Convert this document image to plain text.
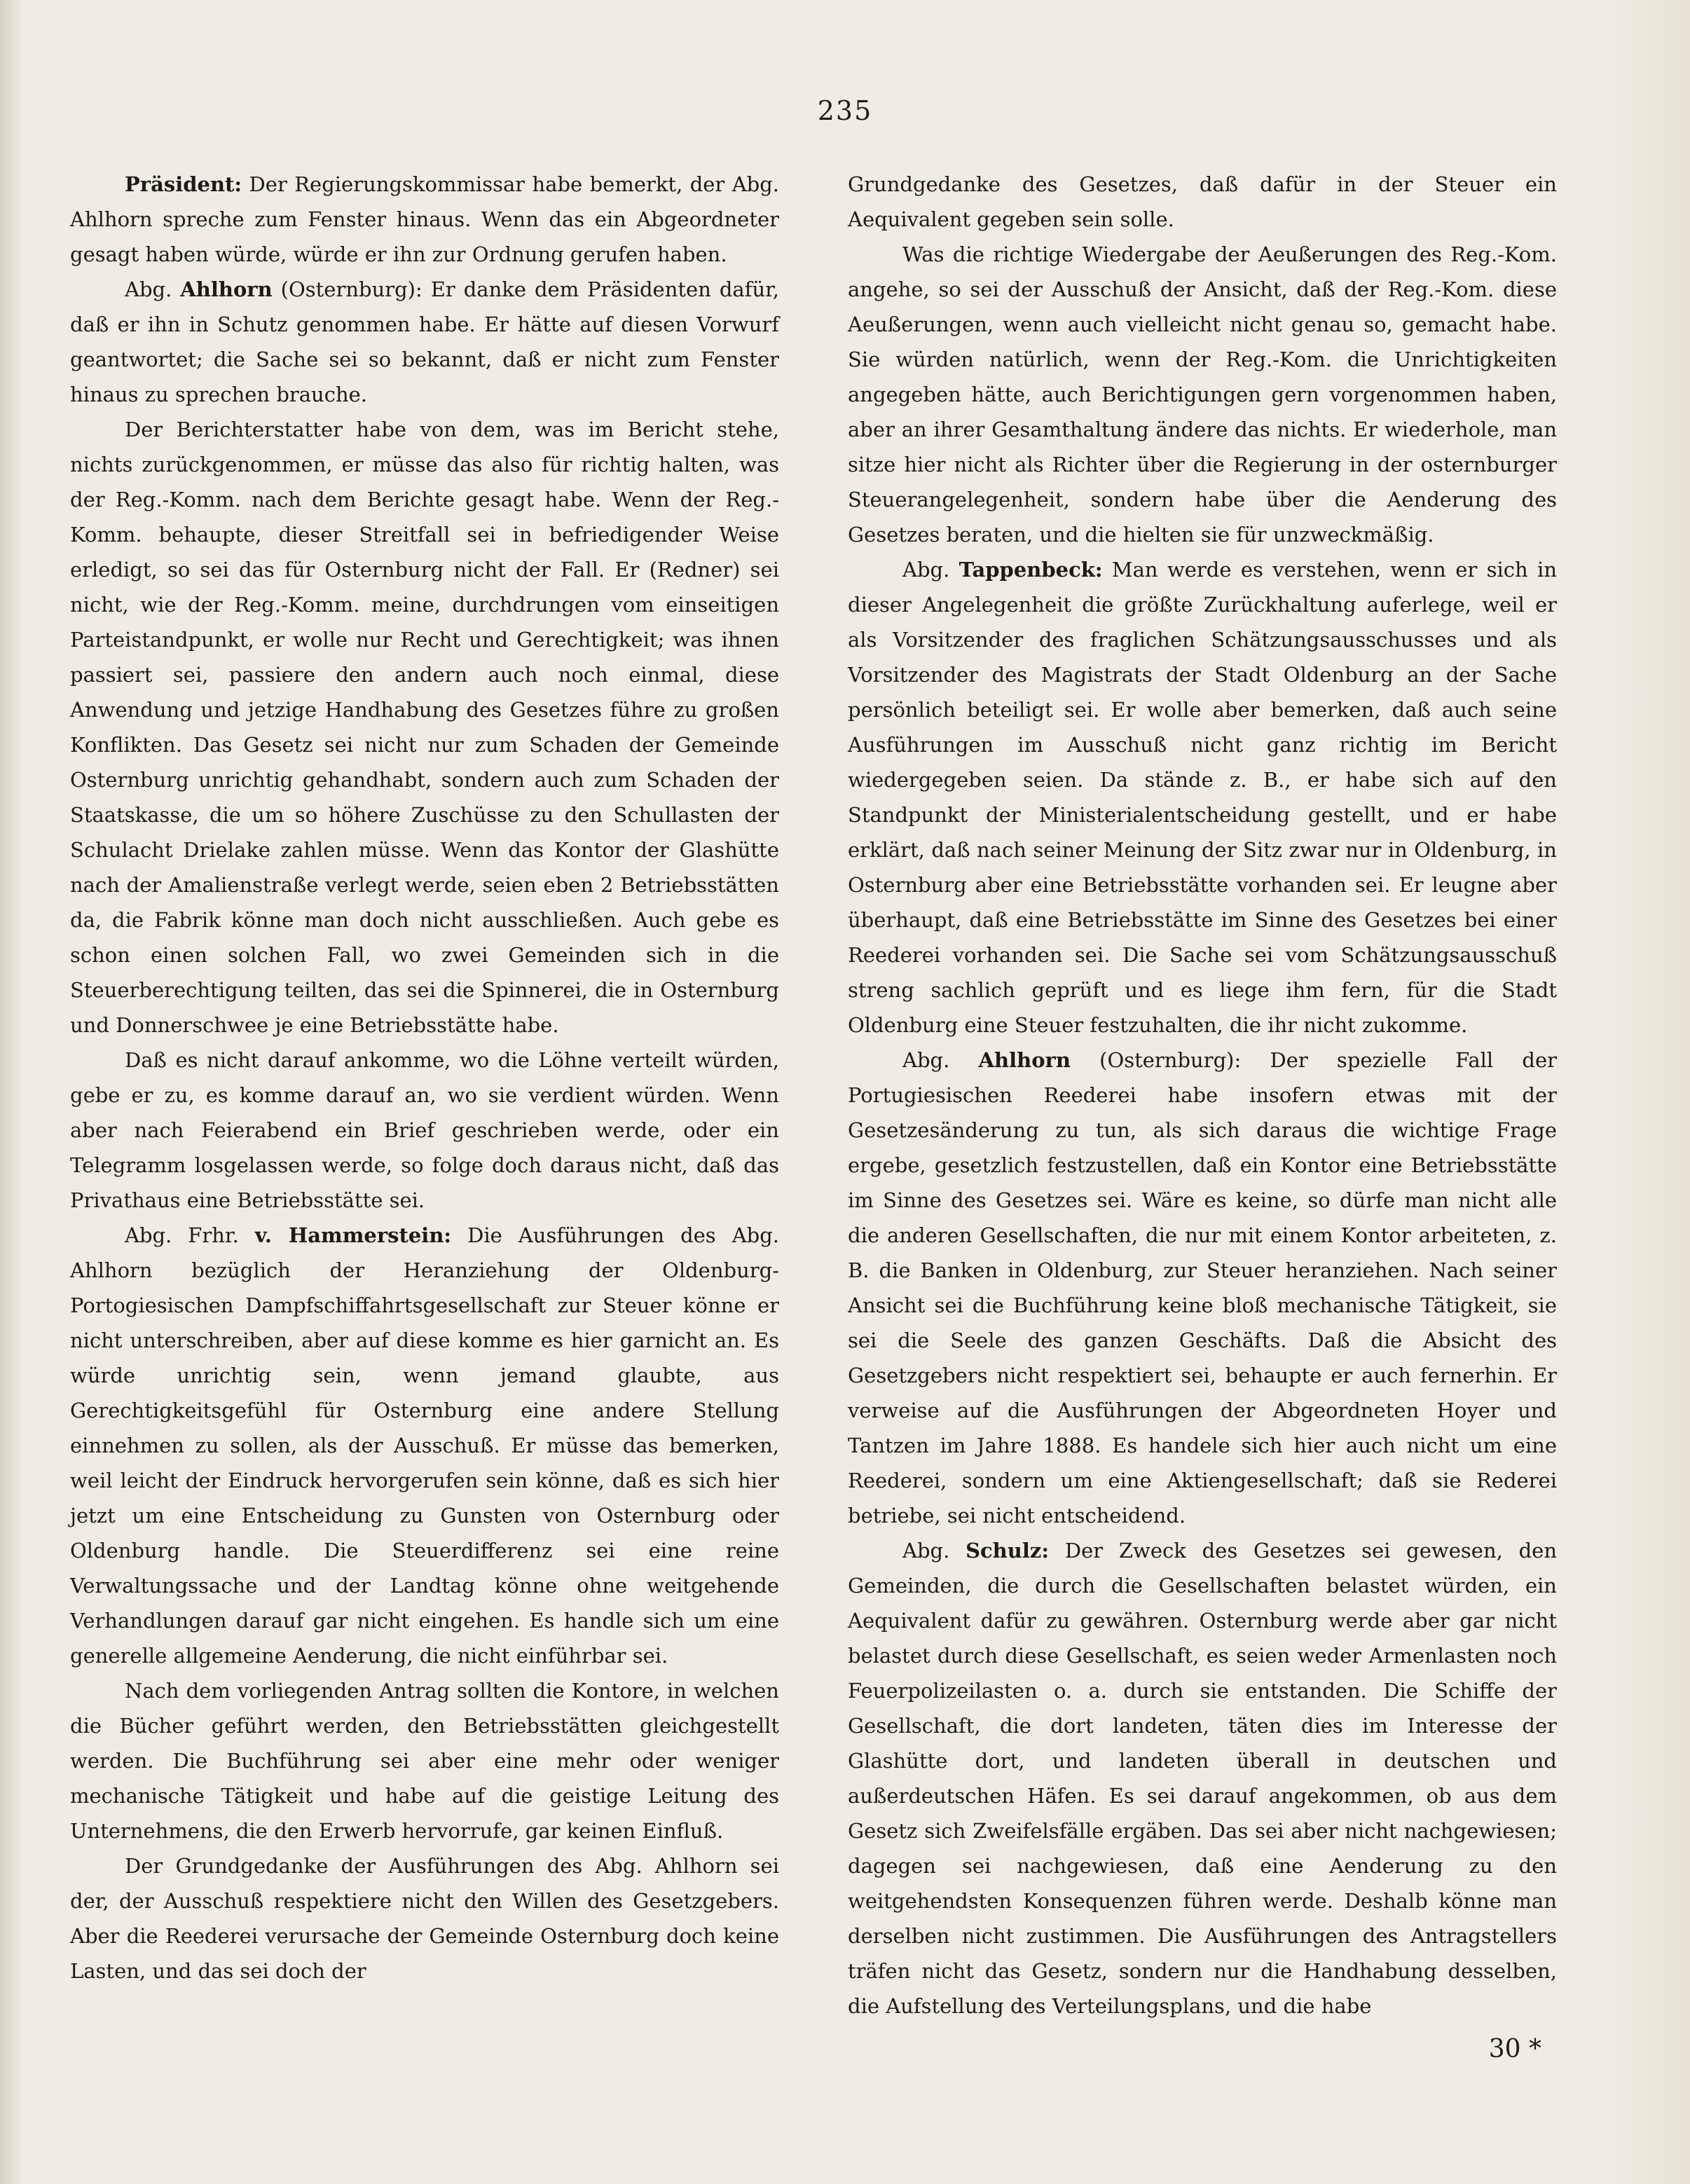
235

Präsident: Der Regierungskommissar habe bemerkt, der Abg. Ahlhorn spreche zum Fenster hinaus. Wenn das ein Abgeordneter gesagt haben würde, würde er ihn zur Ordnung gerufen haben.

Abg. Ahlhorn (Osternburg): Er danke dem Präsidenten dafür, daß er ihn in Schutz genommen habe. Er hätte auf diesen Vorwurf geantwortet; die Sache sei so bekannt, daß er nicht zum Fenster hinaus zu sprechen brauche.

Der Berichterstatter habe von dem, was im Bericht stehe, nichts zurückgenommen, er müsse das also für richtig halten, was der Reg.-Komm. nach dem Berichte gesagt habe. Wenn der Reg.-Komm. behaupte, dieser Streitfall sei in befriedigender Weise erledigt, so sei das für Osternburg nicht der Fall. Er (Redner) sei nicht, wie der Reg.-Komm. meine, durchdrungen vom einseitigen Parteistandpunkt, er wolle nur Recht und Gerechtigkeit; was ihnen passiert sei, passiere den andern auch noch einmal, diese Anwendung und jetzige Handhabung des Gesetzes führe zu großen Konflikten. Das Gesetz sei nicht nur zum Schaden der Gemeinde Osternburg unrichtig gehandhabt, sondern auch zum Schaden der Staatskasse, die um so höhere Zuschüsse zu den Schullasten der Schulacht Drielake zahlen müsse. Wenn das Kontor der Glashütte nach der Amalienstraße verlegt werde, seien eben 2 Betriebsstätten da, die Fabrik könne man doch nicht ausschließen. Auch gebe es schon einen solchen Fall, wo zwei Gemeinden sich in die Steuerberechtigung teilten, das sei die Spinnerei, die in Osternburg und Donnerschwee je eine Betriebsstätte habe.

Daß es nicht darauf ankomme, wo die Löhne verteilt würden, gebe er zu, es komme darauf an, wo sie verdient würden. Wenn aber nach Feierabend ein Brief geschrieben werde, oder ein Telegramm losgelassen werde, so folge doch daraus nicht, daß das Privathaus eine Betriebsstätte sei.

Abg. Frhr. v. Hammerstein: Die Ausführungen des Abg. Ahlhorn bezüglich der Heranziehung der Oldenburg-Portogiesischen Dampfschiffahrtsgesellschaft zur Steuer könne er nicht unterschreiben, aber auf diese komme es hier garnicht an. Es würde unrichtig sein, wenn jemand glaubte, aus Gerechtigkeitsgefühl für Osternburg eine andere Stellung einnehmen zu sollen, als der Ausschuß. Er müsse das bemerken, weil leicht der Eindruck hervorgerufen sein könne, daß es sich hier jetzt um eine Entscheidung zu Gunsten von Osternburg oder Oldenburg handle. Die Steuerdifferenz sei eine reine Verwaltungssache und der Landtag könne ohne weitgehende Verhandlungen darauf gar nicht eingehen. Es handle sich um eine generelle allgemeine Aenderung, die nicht einführbar sei.

Nach dem vorliegenden Antrag sollten die Kontore, in welchen die Bücher geführt werden, den Betriebsstätten gleichgestellt werden. Die Buchführung sei aber eine mehr oder weniger mechanische Tätigkeit und habe auf die geistige Leitung des Unternehmens, die den Erwerb hervorrufe, gar keinen Einfluß.

Der Grundgedanke der Ausführungen des Abg. Ahlhorn sei der, der Ausschuß respektiere nicht den Willen des Gesetzgebers. Aber die Reederei verursache der Gemeinde Osternburg doch keine Lasten, und das sei doch der

Grundgedanke des Gesetzes, daß dafür in der Steuer ein Aequivalent gegeben sein solle.

Was die richtige Wiedergabe der Aeußerungen des Reg.-Kom. angehe, so sei der Ausschuß der Ansicht, daß der Reg.-Kom. diese Aeußerungen, wenn auch vielleicht nicht genau so, gemacht habe. Sie würden natürlich, wenn der Reg.-Kom. die Unrichtigkeiten angegeben hätte, auch Berichtigungen gern vorgenommen haben, aber an ihrer Gesamthaltung ändere das nichts. Er wiederhole, man sitze hier nicht als Richter über die Regierung in der osternburger Steuerangelegenheit, sondern habe über die Aenderung des Gesetzes beraten, und die hielten sie für unzweckmäßig.

Abg. Tappenbeck: Man werde es verstehen, wenn er sich in dieser Angelegenheit die größte Zurückhaltung auferlege, weil er als Vorsitzender des fraglichen Schätzungsausschusses und als Vorsitzender des Magistrats der Stadt Oldenburg an der Sache persönlich beteiligt sei. Er wolle aber bemerken, daß auch seine Ausführungen im Ausschuß nicht ganz richtig im Bericht wiedergegeben seien. Da stände z. B., er habe sich auf den Standpunkt der Ministerialentscheidung gestellt, und er habe erklärt, daß nach seiner Meinung der Sitz zwar nur in Oldenburg, in Osternburg aber eine Betriebsstätte vorhanden sei. Er leugne aber überhaupt, daß eine Betriebsstätte im Sinne des Gesetzes bei einer Reederei vorhanden sei. Die Sache sei vom Schätzungsausschuß streng sachlich geprüft und es liege ihm fern, für die Stadt Oldenburg eine Steuer festzuhalten, die ihr nicht zukomme.

Abg. Ahlhorn (Osternburg): Der spezielle Fall der Portugiesischen Reederei habe insofern etwas mit der Gesetzesänderung zu tun, als sich daraus die wichtige Frage ergebe, gesetzlich festzustellen, daß ein Kontor eine Betriebsstätte im Sinne des Gesetzes sei. Wäre es keine, so dürfe man nicht alle die anderen Gesellschaften, die nur mit einem Kontor arbeiteten, z. B. die Banken in Oldenburg, zur Steuer heranziehen. Nach seiner Ansicht sei die Buchführung keine bloß mechanische Tätigkeit, sie sei die Seele des ganzen Geschäfts. Daß die Absicht des Gesetzgebers nicht respektiert sei, behaupte er auch fernerhin. Er verweise auf die Ausführungen der Abgeordneten Hoyer und Tantzen im Jahre 1888. Es handele sich hier auch nicht um eine Reederei, sondern um eine Aktiengesellschaft; daß sie Rederei betriebe, sei nicht entscheidend.

Abg. Schulz: Der Zweck des Gesetzes sei gewesen, den Gemeinden, die durch die Gesellschaften belastet würden, ein Aequivalent dafür zu gewähren. Osternburg werde aber gar nicht belastet durch diese Gesellschaft, es seien weder Armenlasten noch Feuerpolizeilasten o. a. durch sie entstanden. Die Schiffe der Gesellschaft, die dort landeten, täten dies im Interesse der Glashütte dort, und landeten überall in deutschen und außerdeutschen Häfen. Es sei darauf angekommen, ob aus dem Gesetz sich Zweifelsfälle ergäben. Das sei aber nicht nachgewiesen; dagegen sei nachgewiesen, daß eine Aenderung zu den weitgehendsten Konsequenzen führen werde. Deshalb könne man derselben nicht zustimmen. Die Ausführungen des Antragstellers träfen nicht das Gesetz, sondern nur die Handhabung desselben, die Aufstellung des Verteilungsplans, und die habe

30 *
